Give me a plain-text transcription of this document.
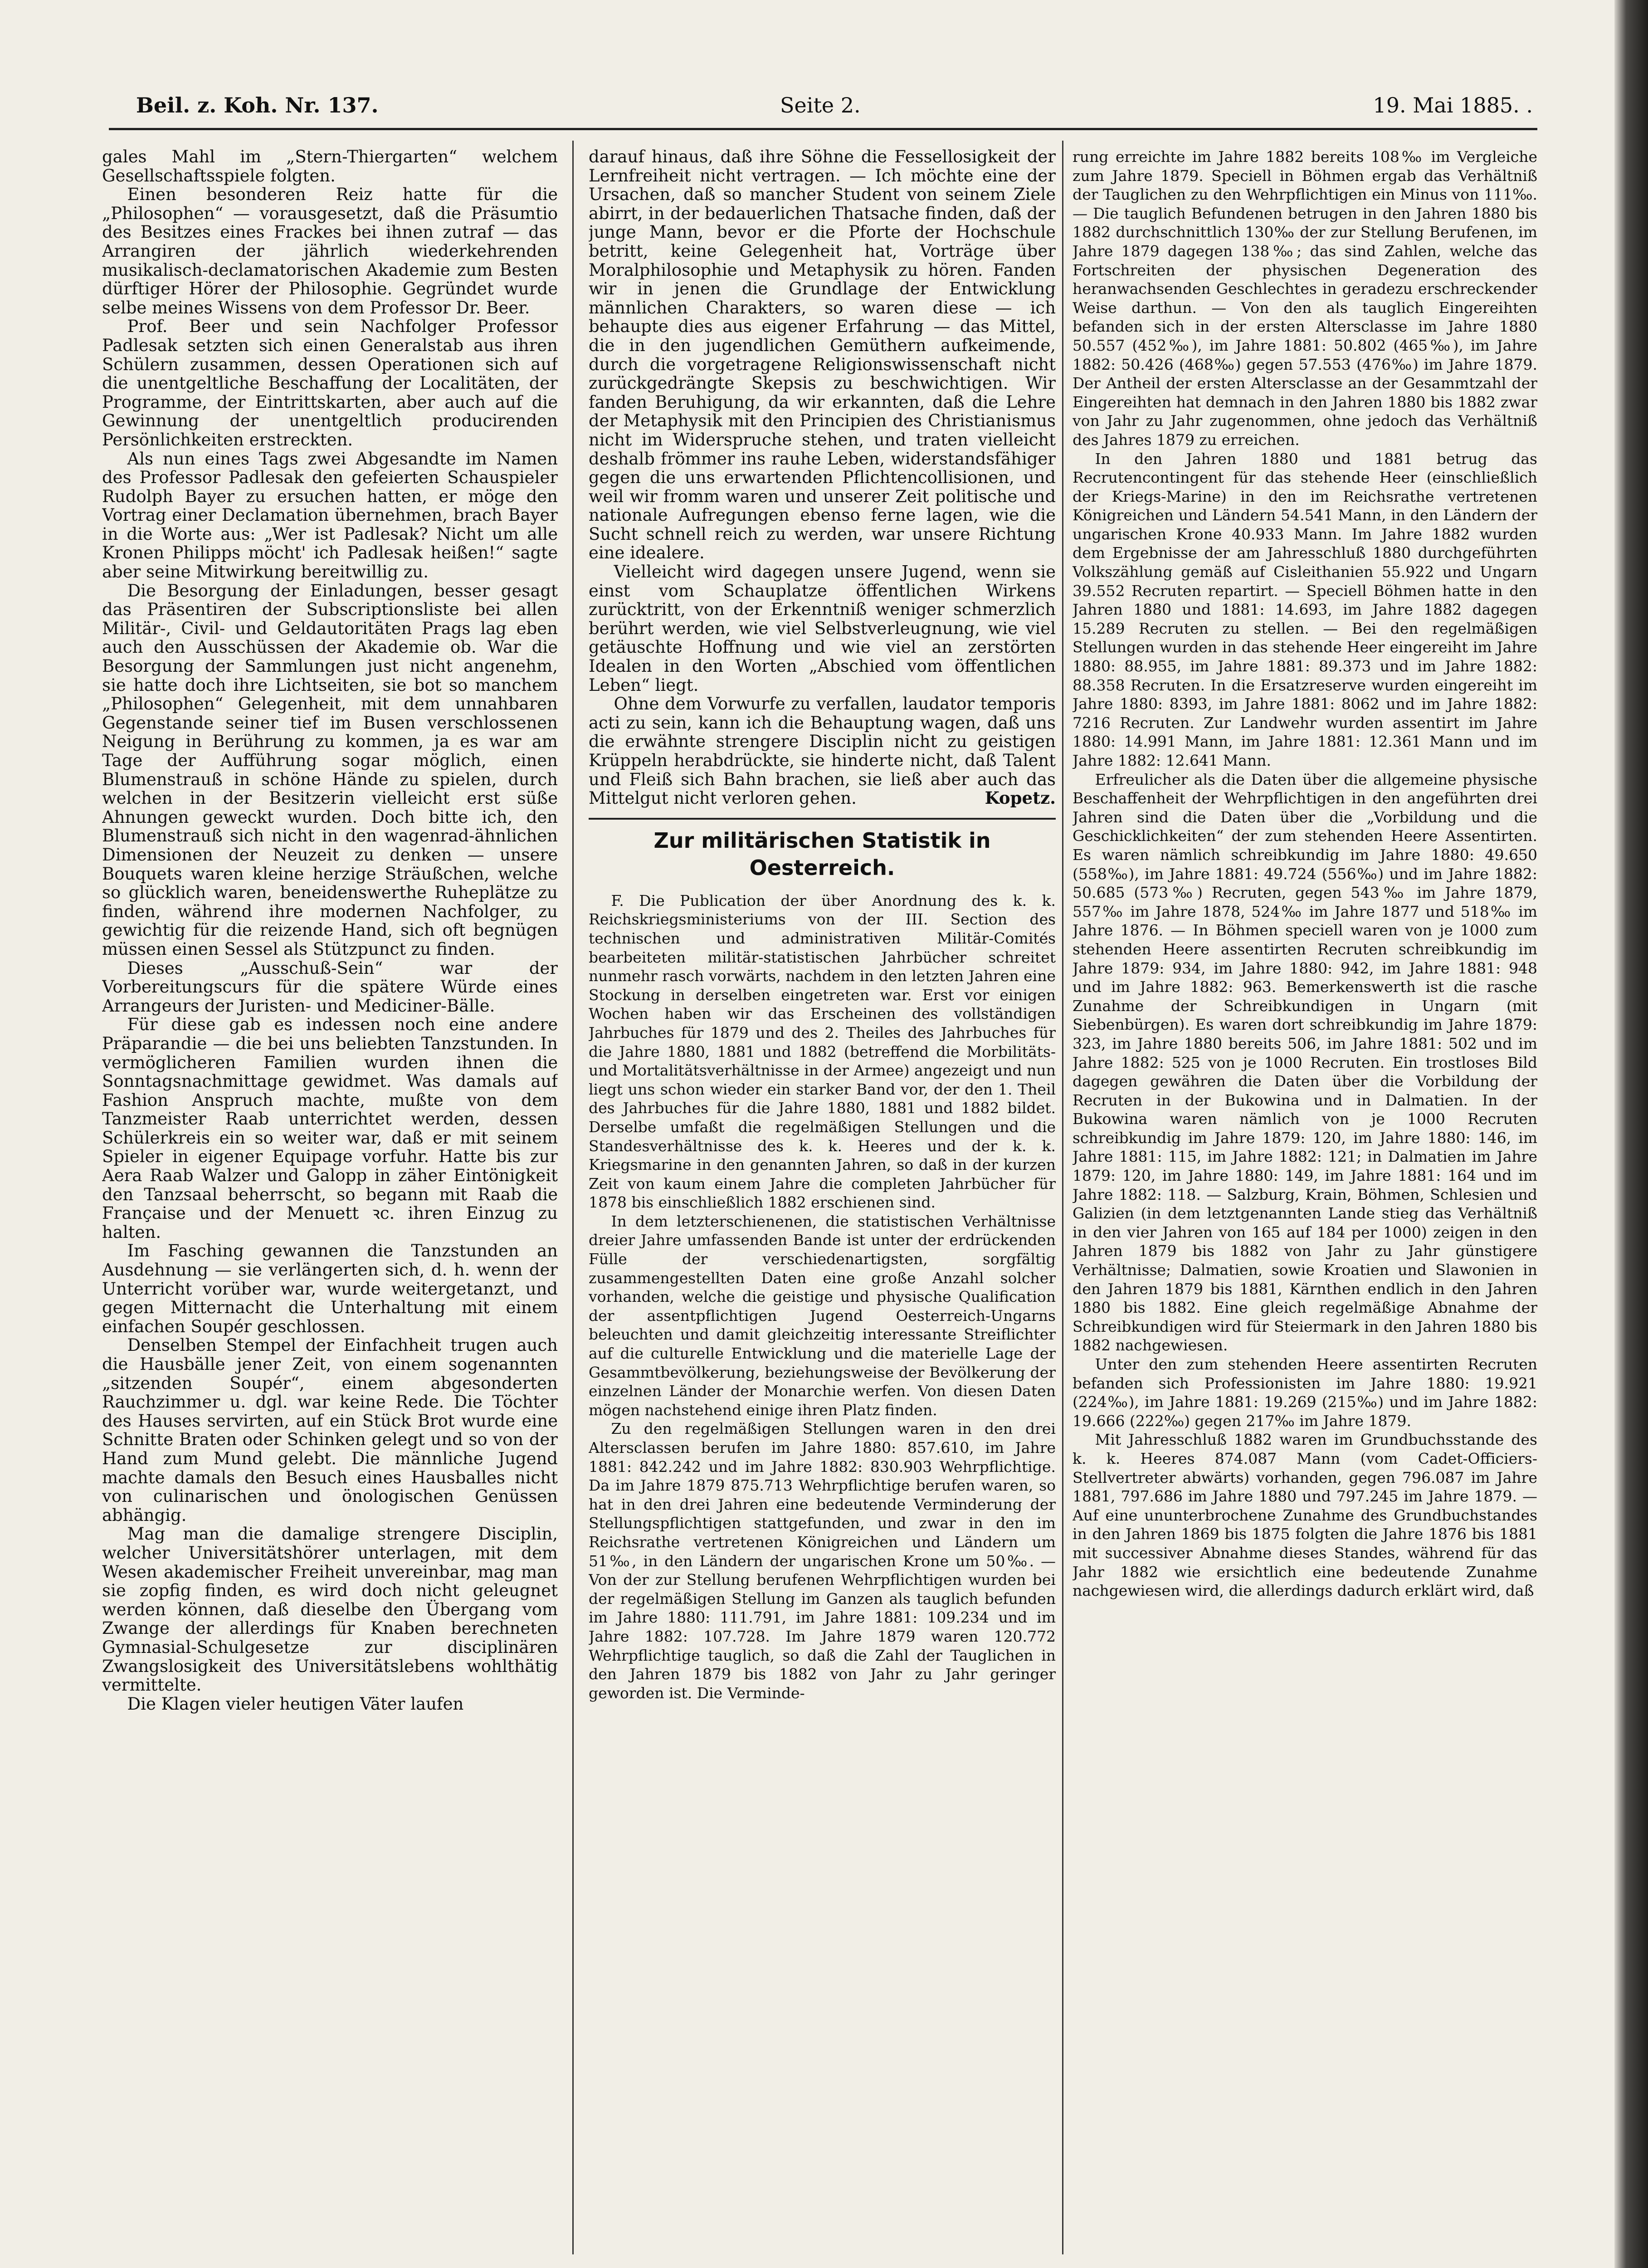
Beil. z. Koh. Nr. 137.	Seite 2.	19. Mai 1885. .

gales Mahl im „Stern-Thiergarten“ welchem Gesellschaftsspiele folgten.

Einen besonderen Reiz hatte für die „Philosophen“ — vorausgesetzt, daß die Präsumtio des Besitzes eines Frackes bei ihnen zutraf — das Arrangiren der jährlich wiederkehrenden musikalisch-declamatorischen Akademie zum Besten dürftiger Hörer der Philosophie. Gegründet wurde selbe meines Wissens von dem Professor Dr. Beer.

Prof. Beer und sein Nachfolger Professor Padlesak setzten sich einen Generalstab aus ihren Schülern zusammen, dessen Operationen sich auf die unentgeltliche Beschaffung der Localitäten, der Programme, der Eintrittskarten, aber auch auf die Gewinnung der unentgeltlich producirenden Persönlichkeiten erstreckten.

Als nun eines Tags zwei Abgesandte im Namen des Professor Padlesak den gefeierten Schauspieler Rudolph Bayer zu ersuchen hatten, er möge den Vortrag einer Declamation übernehmen, brach Bayer in die Worte aus: „Wer ist Padlesak? Nicht um alle Kronen Philipps möcht' ich Padlesak heißen!“ sagte aber seine Mitwirkung bereitwillig zu.

Die Besorgung der Einladungen, besser gesagt das Präsentiren der Subscriptionsliste bei allen Militär-, Civil- und Geldautoritäten Prags lag eben auch den Ausschüssen der Akademie ob. War die Besorgung der Sammlungen just nicht angenehm, sie hatte doch ihre Lichtseiten, sie bot so manchem „Philosophen“ Gelegenheit, mit dem unnahbaren Gegenstande seiner tief im Busen verschlossenen Neigung in Berührung zu kommen, ja es war am Tage der Aufführung sogar möglich, einen Blumenstrauß in schöne Hände zu spielen, durch welchen in der Besitzerin vielleicht erst süße Ahnungen geweckt wurden. Doch bitte ich, den Blumenstrauß sich nicht in den wagenrad-ähnlichen Dimensionen der Neuzeit zu denken — unsere Bouquets waren kleine herzige Sträußchen, welche so glücklich waren, beneidenswerthe Ruheplätze zu finden, während ihre modernen Nachfolger, zu gewichtig für die reizende Hand, sich oft begnügen müssen einen Sessel als Stützpunct zu finden.

Dieses „Ausschuß-Sein“ war der Vorbereitungscurs für die spätere Würde eines Arrangeurs der Juristen- und Mediciner-Bälle.

Für diese gab es indessen noch eine andere Präparandie — die bei uns beliebten Tanzstunden. In vermöglicheren Familien wurden ihnen die Sonntagsnachmittage gewidmet. Was damals auf Fashion Anspruch machte, mußte von dem Tanzmeister Raab unterrichtet werden, dessen Schülerkreis ein so weiter war, daß er mit seinem Spieler in eigener Equipage vorfuhr. Hatte bis zur Aera Raab Walzer und Galopp in zäher Eintönigkeit den Tanzsaal beherrscht, so begann mit Raab die Française und der Menuett ꝛc. ihren Einzug zu halten.

Im Fasching gewannen die Tanzstunden an Ausdehnung — sie verlängerten sich, d. h. wenn der Unterricht vorüber war, wurde weitergetanzt, und gegen Mitternacht die Unterhaltung mit einem einfachen Soupér geschlossen.

Denselben Stempel der Einfachheit trugen auch die Hausbälle jener Zeit, von einem sogenannten „sitzenden Soupér“, einem abgesonderten Rauchzimmer u. dgl. war keine Rede. Die Töchter des Hauses servirten, auf ein Stück Brot wurde eine Schnitte Braten oder Schinken gelegt und so von der Hand zum Mund gelebt. Die männliche Jugend machte damals den Besuch eines Hausballes nicht von culinarischen und önologischen Genüssen abhängig.

Mag man die damalige strengere Disciplin, welcher Universitätshörer unterlagen, mit dem Wesen akademischer Freiheit unvereinbar, mag man sie zopfig finden, es wird doch nicht geleugnet werden können, daß dieselbe den Übergang vom Zwange der allerdings für Knaben berechneten Gymnasial-Schulgesetze zur disciplinären Zwangslosigkeit des Universitätslebens wohlthätig vermittelte.

Die Klagen vieler heutigen Väter laufen

darauf hinaus, daß ihre Söhne die Fessellosigkeit der Lernfreiheit nicht vertragen. — Ich möchte eine der Ursachen, daß so mancher Student von seinem Ziele abirrt, in der bedauerlichen Thatsache finden, daß der junge Mann, bevor er die Pforte der Hochschule betritt, keine Gelegenheit hat, Vorträge über Moralphilosophie und Metaphysik zu hören. Fanden wir in jenen die Grundlage der Entwicklung männlichen Charakters, so waren diese — ich behaupte dies aus eigener Erfahrung — das Mittel, die in den jugendlichen Gemüthern aufkeimende, durch die vorgetragene Religionswissenschaft nicht zurückgedrängte Skepsis zu beschwichtigen. Wir fanden Beruhigung, da wir erkannten, daß die Lehre der Metaphysik mit den Principien des Christianismus nicht im Widerspruche stehen, und traten vielleicht deshalb frömmer ins rauhe Leben, widerstandsfähiger gegen die uns erwartenden Pflichtencollisionen, und weil wir fromm waren und unserer Zeit politische und nationale Aufregungen ebenso ferne lagen, wie die Sucht schnell reich zu werden, war unsere Richtung eine idealere.

Vielleicht wird dagegen unsere Jugend, wenn sie einst vom Schauplatze öffentlichen Wirkens zurücktritt, von der Erkenntniß weniger schmerzlich berührt werden, wie viel Selbstverleugnung, wie viel getäuschte Hoffnung und wie viel an zerstörten Idealen in den Worten „Abschied vom öffentlichen Leben“ liegt.

Ohne dem Vorwurfe zu verfallen, laudator temporis acti zu sein, kann ich die Behauptung wagen, daß uns die erwähnte strengere Disciplin nicht zu geistigen Krüppeln herabdrückte, sie hinderte nicht, daß Talent und Fleiß sich Bahn brachen, sie ließ aber auch das Mittelgut nicht verloren gehen.	Kopetz.

Zur militärischen Statistik in Oesterreich.

F. Die Publication der über Anordnung des k. k. Reichskriegsministeriums von der III. Section des technischen und administrativen Militär-Comités bearbeiteten militär-statistischen Jahrbücher schreitet nunmehr rasch vorwärts, nachdem in den letzten Jahren eine Stockung in derselben eingetreten war. Erst vor einigen Wochen haben wir das Erscheinen des vollständigen Jahrbuches für 1879 und des 2. Theiles des Jahrbuches für die Jahre 1880, 1881 und 1882 (betreffend die Morbilitäts- und Mortalitätsverhältnisse in der Armee) angezeigt und nun liegt uns schon wieder ein starker Band vor, der den 1. Theil des Jahrbuches für die Jahre 1880, 1881 und 1882 bildet. Derselbe umfaßt die regelmäßigen Stellungen und die Standesverhältnisse des k. k. Heeres und der k. k. Kriegsmarine in den genannten Jahren, so daß in der kurzen Zeit von kaum einem Jahre die completen Jahrbücher für 1878 bis einschließlich 1882 erschienen sind.

In dem letzterschienenen, die statistischen Verhältnisse dreier Jahre umfassenden Bande ist unter der erdrückenden Fülle der verschiedenartigsten, sorgfältig zusammengestellten Daten eine große Anzahl solcher vorhanden, welche die geistige und physische Qualification der assentpflichtigen Jugend Oesterreich-Ungarns beleuchten und damit gleichzeitig interessante Streiflichter auf die culturelle Entwicklung und die materielle Lage der Gesammtbevölkerung, beziehungsweise der Bevölkerung der einzelnen Länder der Monarchie werfen. Von diesen Daten mögen nachstehend einige ihren Platz finden.

Zu den regelmäßigen Stellungen waren in den drei Altersclassen berufen im Jahre 1880: 857.610, im Jahre 1881: 842.242 und im Jahre 1882: 830.903 Wehrpflichtige. Da im Jahre 1879 875.713 Wehrpflichtige berufen waren, so hat in den drei Jahren eine bedeutende Verminderung der Stellungspflichtigen stattgefunden, und zwar in den im Reichsrathe vertretenen Königreichen und Ländern um 51‰, in den Ländern der ungarischen Krone um 50‰. — Von der zur Stellung berufenen Wehrpflichtigen wurden bei der regelmäßigen Stellung im Ganzen als tauglich befunden im Jahre 1880: 111.791, im Jahre 1881: 109.234 und im Jahre 1882: 107.728. Im Jahre 1879 waren 120.772 Wehrpflichtige tauglich, so daß die Zahl der Tauglichen in den Jahren 1879 bis 1882 von Jahr zu Jahr geringer geworden ist. Die Verminde-

rung erreichte im Jahre 1882 bereits 108‰ im Vergleiche zum Jahre 1879. Speciell in Böhmen ergab das Verhältniß der Tauglichen zu den Wehrpflichtigen ein Minus von 111‰. — Die tauglich Befundenen betrugen in den Jahren 1880 bis 1882 durchschnittlich 130‰ der zur Stellung Berufenen, im Jahre 1879 dagegen 138‰; das sind Zahlen, welche das Fortschreiten der physischen Degeneration des heranwachsenden Geschlechtes in geradezu erschreckender Weise darthun. — Von den als tauglich Eingereihten befanden sich in der ersten Altersclasse im Jahre 1880 50.557 (452‰), im Jahre 1881: 50.802 (465‰), im Jahre 1882: 50.426 (468‰) gegen 57.553 (476‰) im Jahre 1879. Der Antheil der ersten Altersclasse an der Gesammtzahl der Eingereihten hat demnach in den Jahren 1880 bis 1882 zwar von Jahr zu Jahr zugenommen, ohne jedoch das Verhältniß des Jahres 1879 zu erreichen.

In den Jahren 1880 und 1881 betrug das Recrutencontingent für das stehende Heer (einschließlich der Kriegs-Marine) in den im Reichsrathe vertretenen Königreichen und Ländern 54.541 Mann, in den Ländern der ungarischen Krone 40.933 Mann. Im Jahre 1882 wurden dem Ergebnisse der am Jahresschluß 1880 durchgeführten Volkszählung gemäß auf Cisleithanien 55.922 und Ungarn 39.552 Recruten repartirt. — Speciell Böhmen hatte in den Jahren 1880 und 1881: 14.693, im Jahre 1882 dagegen 15.289 Recruten zu stellen. — Bei den regelmäßigen Stellungen wurden in das stehende Heer eingereiht im Jahre 1880: 88.955, im Jahre 1881: 89.373 und im Jahre 1882: 88.358 Recruten. In die Ersatzreserve wurden eingereiht im Jahre 1880: 8393, im Jahre 1881: 8062 und im Jahre 1882: 7216 Recruten. Zur Landwehr wurden assentirt im Jahre 1880: 14.991 Mann, im Jahre 1881: 12.361 Mann und im Jahre 1882: 12.641 Mann.

Erfreulicher als die Daten über die allgemeine physische Beschaffenheit der Wehrpflichtigen in den angeführten drei Jahren sind die Daten über die „Vorbildung und die Geschicklichkeiten“ der zum stehenden Heere Assentirten. Es waren nämlich schreibkundig im Jahre 1880: 49.650 (558‰), im Jahre 1881: 49.724 (556‰) und im Jahre 1882: 50.685 (573‰) Recruten, gegen 543‰ im Jahre 1879, 557‰ im Jahre 1878, 524‰ im Jahre 1877 und 518‰ im Jahre 1876. — In Böhmen speciell waren von je 1000 zum stehenden Heere assentirten Recruten schreibkundig im Jahre 1879: 934, im Jahre 1880: 942, im Jahre 1881: 948 und im Jahre 1882: 963. Bemerkenswerth ist die rasche Zunahme der Schreibkundigen in Ungarn (mit Siebenbürgen). Es waren dort schreibkundig im Jahre 1879: 323, im Jahre 1880 bereits 506, im Jahre 1881: 502 und im Jahre 1882: 525 von je 1000 Recruten. Ein trostloses Bild dagegen gewähren die Daten über die Vorbildung der Recruten in der Bukowina und in Dalmatien. In der Bukowina waren nämlich von je 1000 Recruten schreibkundig im Jahre 1879: 120, im Jahre 1880: 146, im Jahre 1881: 115, im Jahre 1882: 121; in Dalmatien im Jahre 1879: 120, im Jahre 1880: 149, im Jahre 1881: 164 und im Jahre 1882: 118. — Salzburg, Krain, Böhmen, Schlesien und Galizien (in dem letztgenannten Lande stieg das Verhältniß in den vier Jahren von 165 auf 184 per 1000) zeigen in den Jahren 1879 bis 1882 von Jahr zu Jahr günstigere Verhältnisse; Dalmatien, sowie Kroatien und Slawonien in den Jahren 1879 bis 1881, Kärnthen endlich in den Jahren 1880 bis 1882. Eine gleich regelmäßige Abnahme der Schreibkundigen wird für Steiermark in den Jahren 1880 bis 1882 nachgewiesen.

Unter den zum stehenden Heere assentirten Recruten befanden sich Professionisten im Jahre 1880: 19.921 (224‰), im Jahre 1881: 19.269 (215‰) und im Jahre 1882: 19.666 (222‰) gegen 217‰ im Jahre 1879.

Mit Jahresschluß 1882 waren im Grundbuchsstande des k. k. Heeres 874.087 Mann (vom Cadet-Officiers-Stellvertreter abwärts) vorhanden, gegen 796.087 im Jahre 1881, 797.686 im Jahre 1880 und 797.245 im Jahre 1879. — Auf eine ununterbrochene Zunahme des Grundbuchstandes in den Jahren 1869 bis 1875 folgten die Jahre 1876 bis 1881 mit successiver Abnahme dieses Standes, während für das Jahr 1882 wie ersichtlich eine bedeutende Zunahme nachgewiesen wird, die allerdings dadurch erklärt wird, daß
